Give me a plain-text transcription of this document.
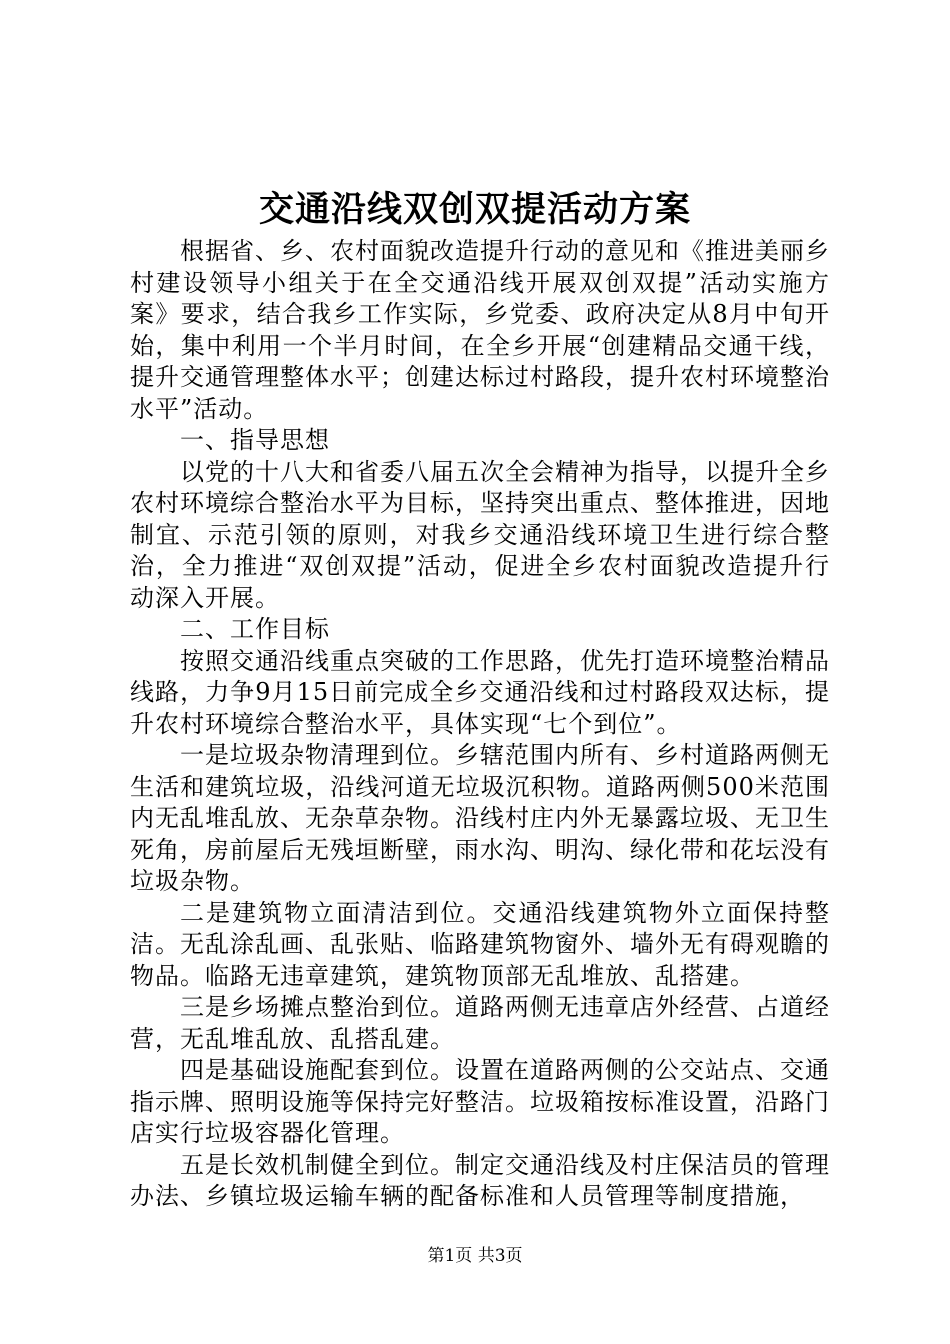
交通沿线双创双提活动方案

根据省、乡、农村面貌改造提升行动的意见和《推进美丽乡村建设领导小组关于在全交通沿线开展双创双提”活动实施方案》要求，结合我乡工作实际，乡党委、政府决定从8月中旬开始，集中利用一个半月时间，在全乡开展“创建精品交通干线，提升交通管理整体水平；创建达标过村路段，提升农村环境整治水平”活动。

一、指导思想

以党的十八大和省委八届五次全会精神为指导，以提升全乡农村环境综合整治水平为目标，坚持突出重点、整体推进，因地制宜、示范引领的原则，对我乡交通沿线环境卫生进行综合整治，全力推进“双创双提”活动，促进全乡农村面貌改造提升行动深入开展。

二、工作目标

按照交通沿线重点突破的工作思路，优先打造环境整治精品线路，力争9月15日前完成全乡交通沿线和过村路段双达标，提升农村环境综合整治水平，具体实现“七个到位”。

一是垃圾杂物清理到位。乡辖范围内所有、乡村道路两侧无生活和建筑垃圾，沿线河道无垃圾沉积物。道路两侧500米范围内无乱堆乱放、无杂草杂物。沿线村庄内外无暴露垃圾、无卫生死角，房前屋后无残垣断壁，雨水沟、明沟、绿化带和花坛没有垃圾杂物。

二是建筑物立面清洁到位。交通沿线建筑物外立面保持整洁。无乱涂乱画、乱张贴、临路建筑物窗外、墙外无有碍观瞻的物品。临路无违章建筑，建筑物顶部无乱堆放、乱搭建。

三是乡场摊点整治到位。道路两侧无违章店外经营、占道经营，无乱堆乱放、乱搭乱建。

四是基础设施配套到位。设置在道路两侧的公交站点、交通指示牌、照明设施等保持完好整洁。垃圾箱按标准设置，沿路门店实行垃圾容器化管理。

五是长效机制健全到位。制定交通沿线及村庄保洁员的管理办法、乡镇垃圾运输车辆的配备标准和人员管理等制度措施，

第1页 共3页
